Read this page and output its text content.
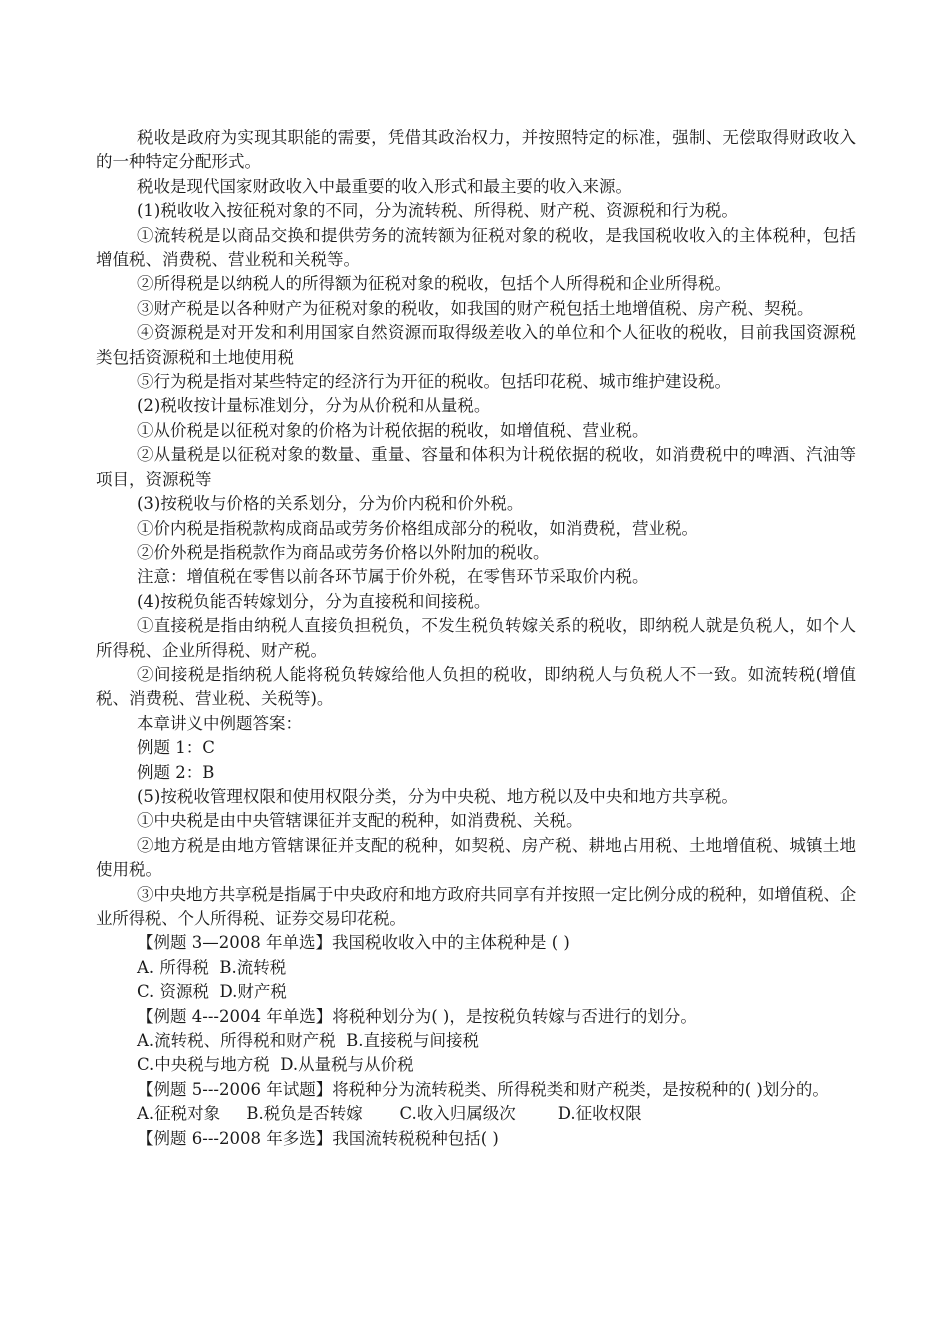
税收是政府为实现其职能的需要，凭借其政治权力，并按照特定的标准，强制、无偿取得财政收入的一种特定分配形式。

税收是现代国家财政收入中最重要的收入形式和最主要的收入来源。

(1)税收收入按征税对象的不同，分为流转税、所得税、财产税、资源税和行为税。

①流转税是以商品交换和提供劳务的流转额为征税对象的税收，是我国税收收入的主体税种，包括增值税、消费税、营业税和关税等。

②所得税是以纳税人的所得额为征税对象的税收，包括个人所得税和企业所得税。

③财产税是以各种财产为征税对象的税收，如我国的财产税包括土地增值税、房产税、契税。

④资源税是对开发和利用国家自然资源而取得级差收入的单位和个人征收的税收，目前我国资源税类包括资源税和土地使用税

⑤行为税是指对某些特定的经济行为开征的税收。包括印花税、城市维护建设税。

(2)税收按计量标准划分，分为从价税和从量税。

①从价税是以征税对象的价格为计税依据的税收，如增值税、营业税。

②从量税是以征税对象的数量、重量、容量和体积为计税依据的税收，如消费税中的啤酒、汽油等项目，资源税等

(3)按税收与价格的关系划分，分为价内税和价外税。

①价内税是指税款构成商品或劳务价格组成部分的税收，如消费税，营业税。

②价外税是指税款作为商品或劳务价格以外附加的税收。

注意：增值税在零售以前各环节属于价外税，在零售环节采取价内税。

(4)按税负能否转嫁划分，分为直接税和间接税。

①直接税是指由纳税人直接负担税负，不发生税负转嫁关系的税收，即纳税人就是负税人，如个人所得税、企业所得税、财产税。

②间接税是指纳税人能将税负转嫁给他人负担的税收，即纳税人与负税人不一致。如流转税(增值税、消费税、营业税、关税等)。

本章讲义中例题答案：

例题 1：C

例题 2：B

(5)按税收管理权限和使用权限分类，分为中央税、地方税以及中央和地方共享税。

①中央税是由中央管辖课征并支配的税种，如消费税、关税。

②地方税是由地方管辖课征并支配的税种，如契税、房产税、耕地占用税、土地增值税、城镇土地使用税。

③中央地方共享税是指属于中央政府和地方政府共同享有并按照一定比例分成的税种，如增值税、企业所得税、个人所得税、证券交易印花税。

【例题 3—2008 年单选】我国税收收入中的主体税种是 ( )

A. 所得税  B.流转税

C. 资源税  D.财产税

【例题 4---2004 年单选】将税种划分为( )，是按税负转嫁与否进行的划分。

A.流转税、所得税和财产税  B.直接税与间接税

C.中央税与地方税  D.从量税与从价税

【例题 5---2006 年试题】将税种分为流转税类、所得税类和财产税类，是按税种的( )划分的。

A.征税对象     B.税负是否转嫁       C.收入归属级次        D.征收权限

【例题 6---2008 年多选】我国流转税税种包括( )
